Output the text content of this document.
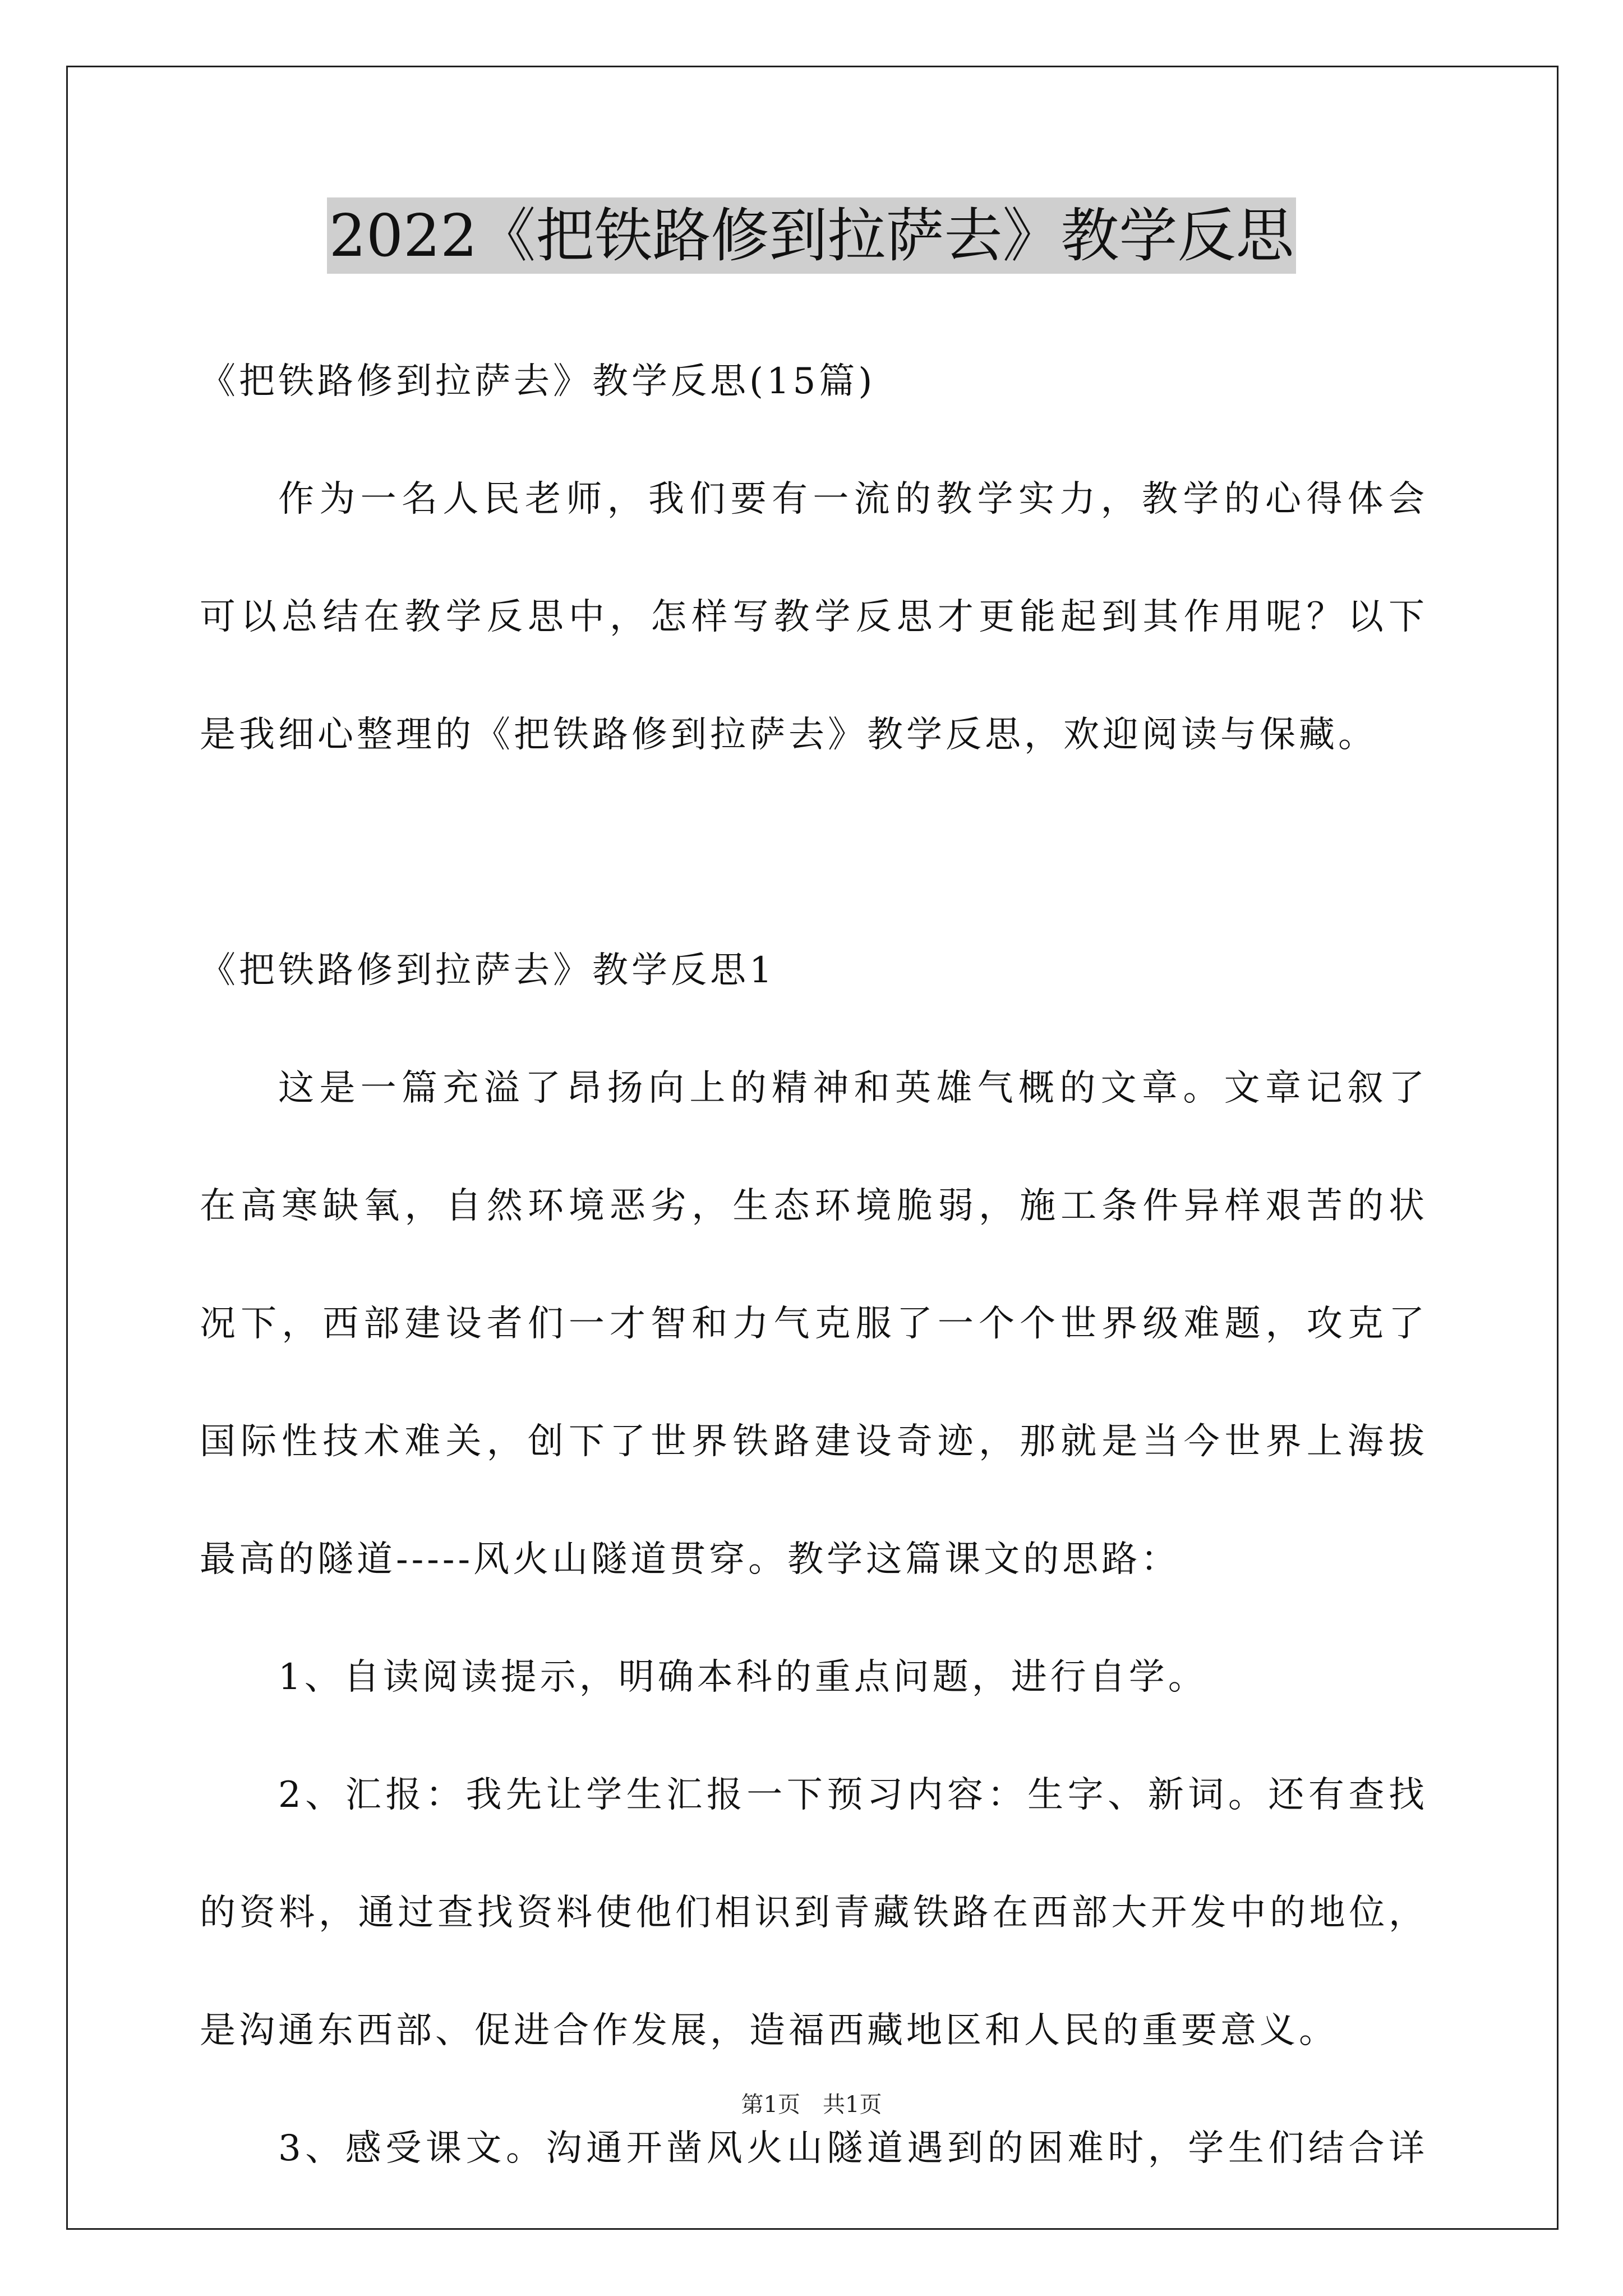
2022《把铁路修到拉萨去》教学反思
《把铁路修到拉萨去》教学反思(15篇)
作为一名人民老师，我们要有一流的教学实力，教学的心得体会
可以总结在教学反思中，怎样写教学反思才更能起到其作用呢？以下
是我细心整理的《把铁路修到拉萨去》教学反思，欢迎阅读与保藏。
《把铁路修到拉萨去》教学反思1
这是一篇充溢了昂扬向上的精神和英雄气概的文章。文章记叙了
在高寒缺氧，自然环境恶劣，生态环境脆弱，施工条件异样艰苦的状
况下，西部建设者们一才智和力气克服了一个个世界级难题，攻克了
国际性技术难关，创下了世界铁路建设奇迹，那就是当今世界上海拔
最高的隧道-----风火山隧道贯穿。教学这篇课文的思路：
1、自读阅读提示，明确本科的重点问题，进行自学。
2、汇报：我先让学生汇报一下预习内容：生字、新词。还有查找
的资料，通过查找资料使他们相识到青藏铁路在西部大开发中的地位，
是沟通东西部、促进合作发展，造福西藏地区和人民的重要意义。
3、感受课文。沟通开凿风火山隧道遇到的困难时，学生们结合详
第1页　共1页
